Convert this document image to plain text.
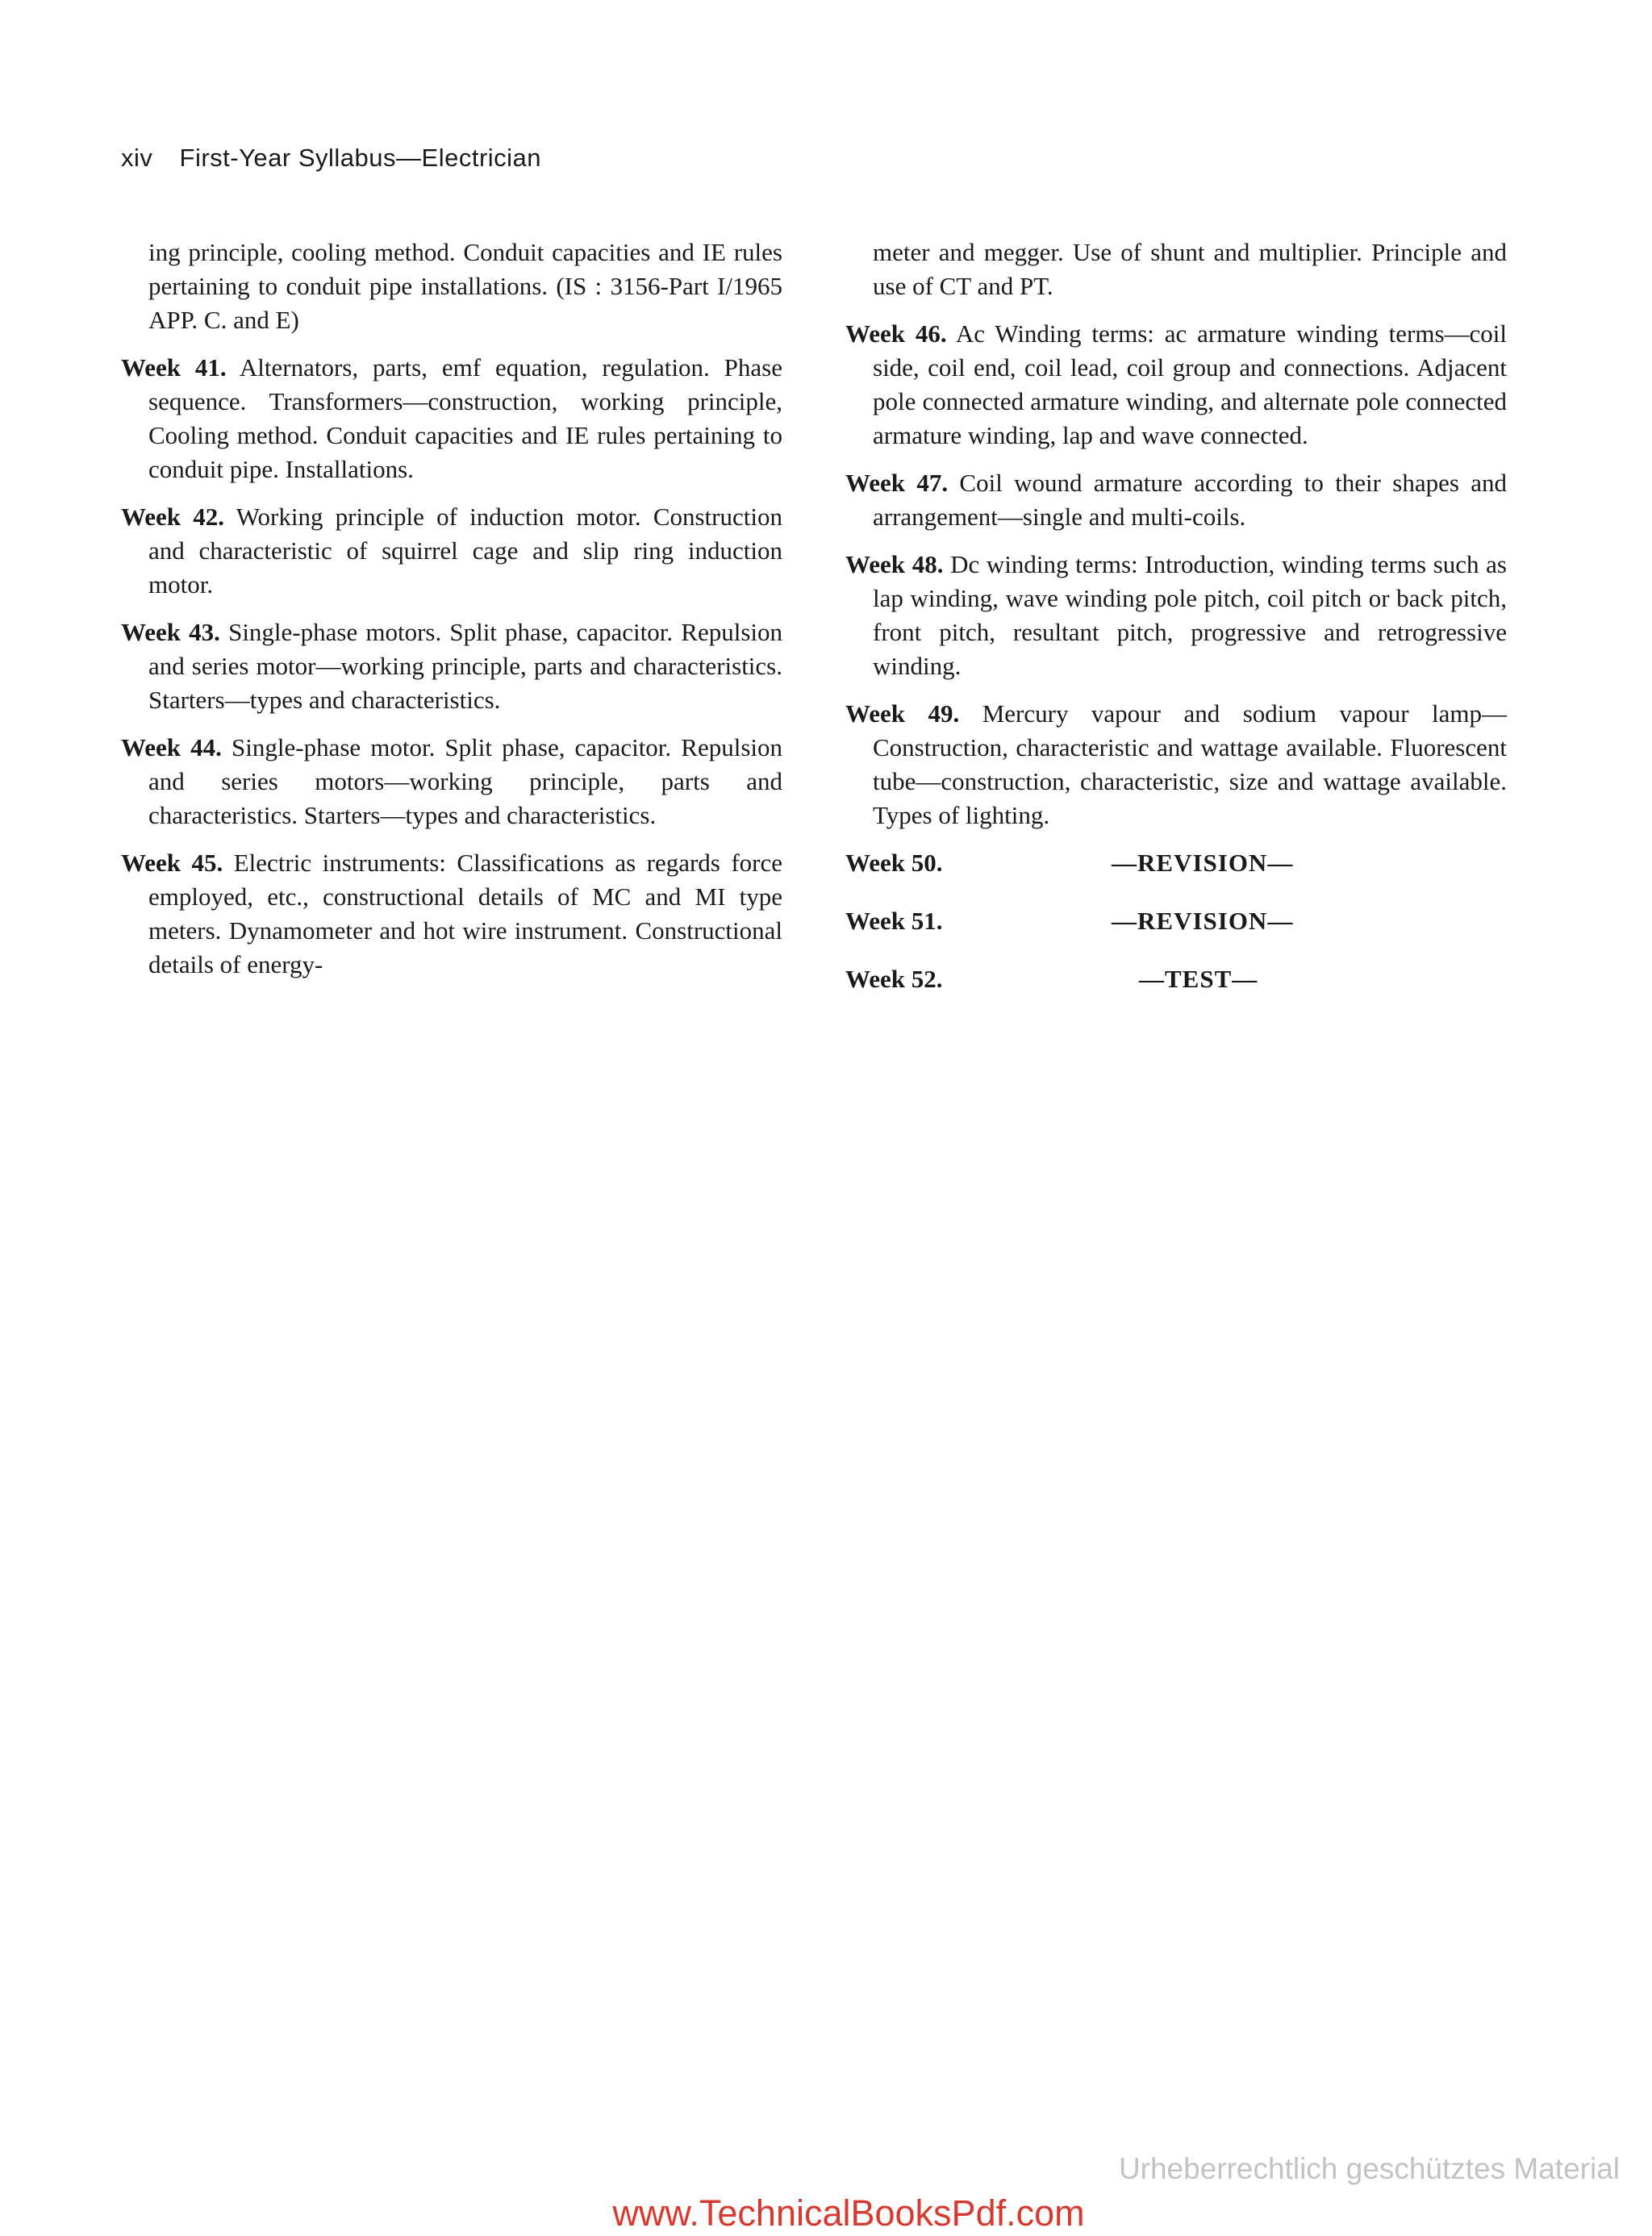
xiv First-Year Syllabus—Electrician

ing principle, cooling method. Conduit capacities and IE rules pertaining to conduit pipe installations. (IS : 3156-Part I/1965 APP. C. and E)

Week 41. Alternators, parts, emf equation, regulation. Phase sequence. Transformers—construction, working principle, Cooling method. Conduit capacities and IE rules pertaining to conduit pipe. Installations.

Week 42. Working principle of induction motor. Construction and characteristic of squirrel cage and slip ring induction motor.

Week 43. Single-phase motors. Split phase, capacitor. Repulsion and series motor—working principle, parts and characteristics. Starters—types and characteristics.

Week 44. Single-phase motor. Split phase, capacitor. Repulsion and series motors—working principle, parts and characteristics. Starters—types and characteristics.

Week 45. Electric instruments: Classifications as regards force employed, etc., constructional details of MC and MI type meters. Dynamometer and hot wire instrument. Constructional details of energy-

meter and megger. Use of shunt and multiplier. Principle and use of CT and PT.

Week 46. Ac Winding terms: ac armature winding terms—coil side, coil end, coil lead, coil group and connections. Adjacent pole connected armature winding, and alternate pole connected armature winding, lap and wave connected.

Week 47. Coil wound armature according to their shapes and arrangement—single and multi-coils.

Week 48. Dc winding terms: Introduction, winding terms such as lap winding, wave winding pole pitch, coil pitch or back pitch, front pitch, resultant pitch, progressive and retrogressive winding.

Week 49. Mercury vapour and sodium vapour lamp—Construction, characteristic and wattage available. Fluorescent tube—construction, characteristic, size and wattage available. Types of lighting.

Week 50.	—REVISION—
Week 51.	—REVISION—
Week 52.	—TEST—
Urheberrechtlich geschütztes Material
www.TechnicalBooksPdf.com
